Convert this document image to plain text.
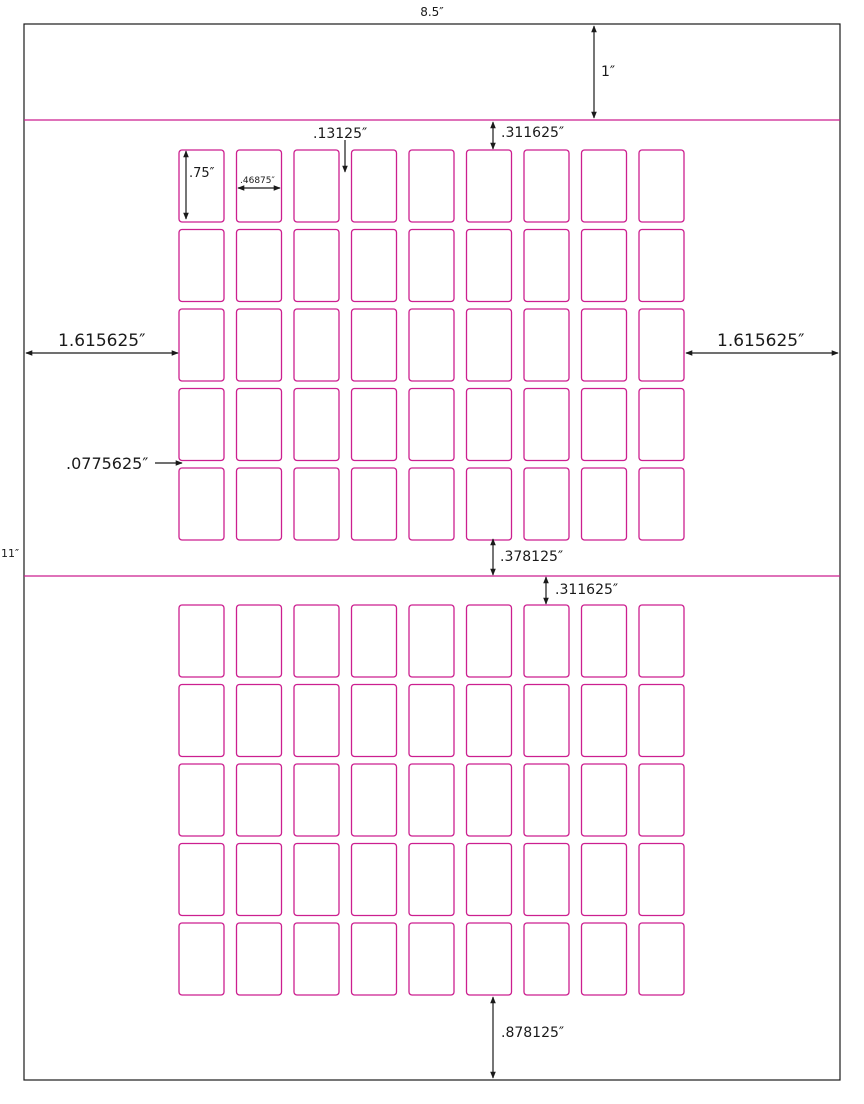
8.5″
11″
1″
.311625″
.13125″
.75″	.46875″
1.615625″	1.615625″
.0775625″
.378125″
.311625″
.878125″
